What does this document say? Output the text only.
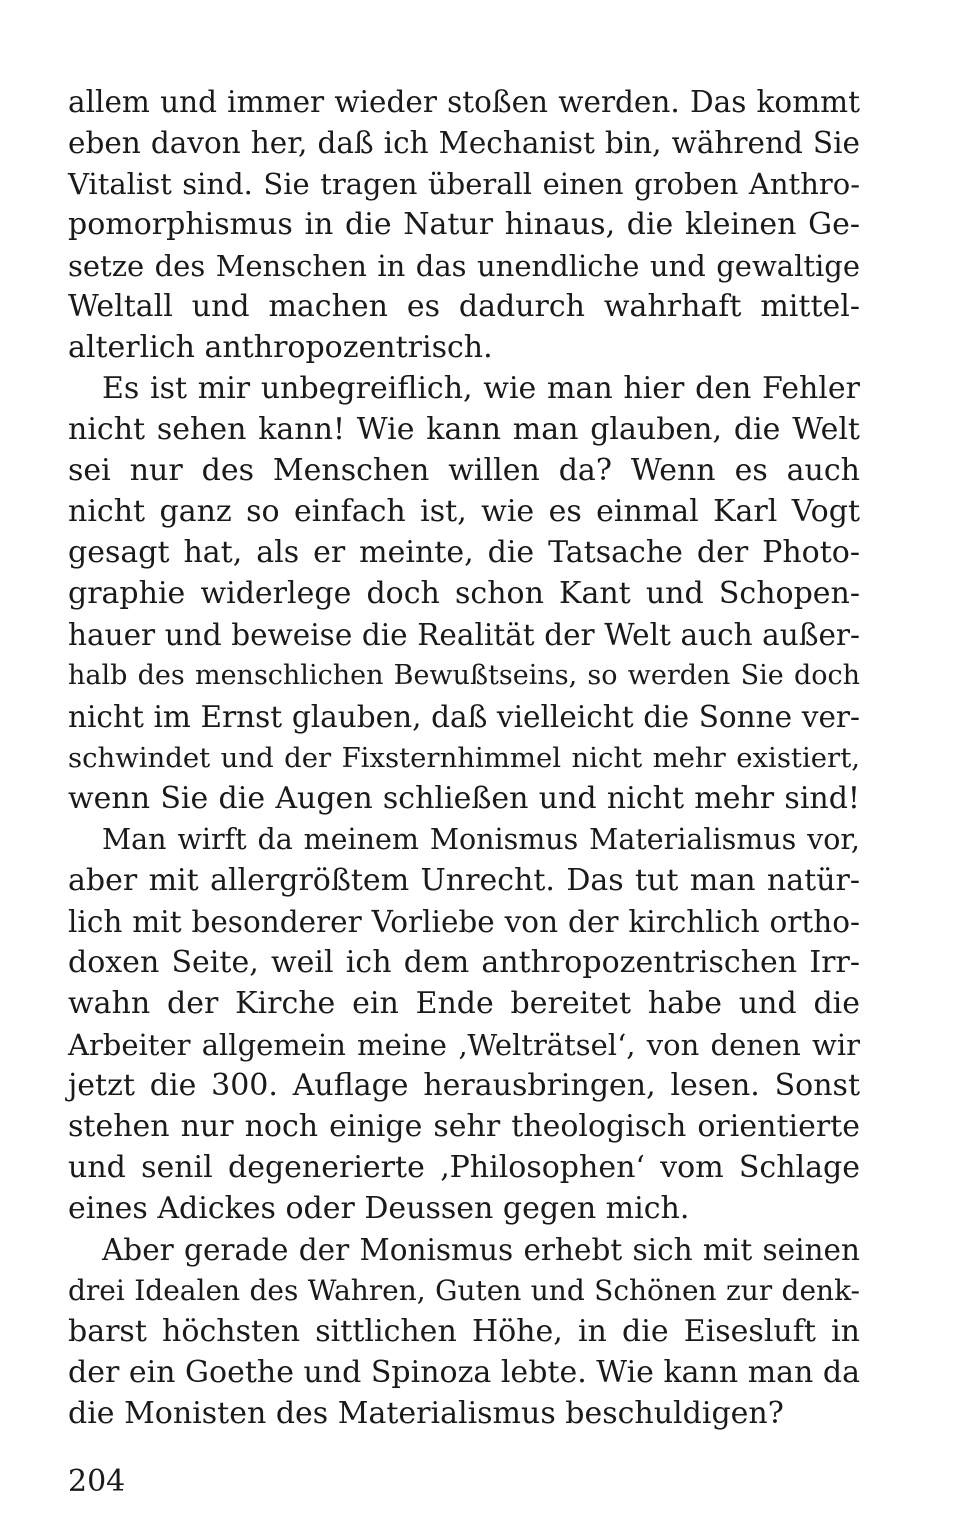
allem und immer wieder stoßen werden. Das kommt
eben davon her, daß ich Mechanist bin, während Sie
Vitalist sind. Sie tragen überall einen groben Anthro-
pomorphismus in die Natur hinaus, die kleinen Ge-
setze des Menschen in das unendliche und gewaltige
Weltall und machen es dadurch wahrhaft mittel-
alterlich anthropozentrisch.
Es ist mir unbegreiflich, wie man hier den Fehler
nicht sehen kann! Wie kann man glauben, die Welt
sei nur des Menschen willen da? Wenn es auch
nicht ganz so einfach ist, wie es einmal Karl Vogt
gesagt hat, als er meinte, die Tatsache der Photo-
graphie widerlege doch schon Kant und Schopen-
hauer und beweise die Realität der Welt auch außer-
halb des menschlichen Bewußtseins, so werden Sie doch
nicht im Ernst glauben, daß vielleicht die Sonne ver-
schwindet und der Fixsternhimmel nicht mehr existiert,
wenn Sie die Augen schließen und nicht mehr sind!
Man wirft da meinem Monismus Materialismus vor,
aber mit allergrößtem Unrecht. Das tut man natür-
lich mit besonderer Vorliebe von der kirchlich ortho-
doxen Seite, weil ich dem anthropozentrischen Irr-
wahn der Kirche ein Ende bereitet habe und die
Arbeiter allgemein meine ‚Welträtsel‘, von denen wir
jetzt die 300. Auflage herausbringen, lesen. Sonst
stehen nur noch einige sehr theologisch orientierte
und senil degenerierte ‚Philosophen‘ vom Schlage
eines Adickes oder Deussen gegen mich.
Aber gerade der Monismus erhebt sich mit seinen
drei Idealen des Wahren, Guten und Schönen zur denk-
barst höchsten sittlichen Höhe, in die Eisesluft in
der ein Goethe und Spinoza lebte. Wie kann man da
die Monisten des Materialismus beschuldigen?
204
